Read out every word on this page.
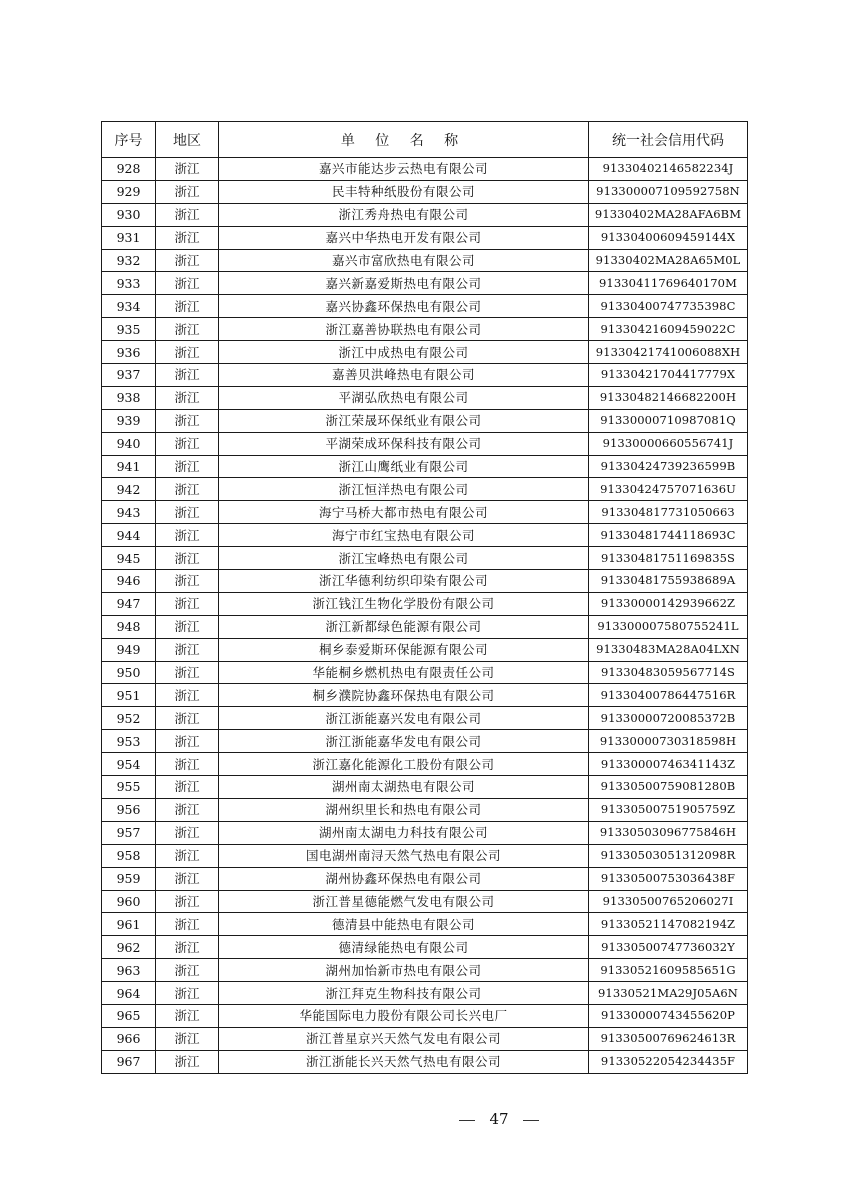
序号	地区	单 位 名 称	统一社会信用代码
928	浙江	嘉兴市能达步云热电有限公司	91330402146582234J
929	浙江	民丰特种纸股份有限公司	913300007109592758N
930	浙江	浙江秀舟热电有限公司	91330402MA28AFA6BM
931	浙江	嘉兴中华热电开发有限公司	91330400609459144X
932	浙江	嘉兴市富欣热电有限公司	91330402MA28A65M0L
933	浙江	嘉兴新嘉爱斯热电有限公司	91330411769640170M
934	浙江	嘉兴协鑫环保热电有限公司	91330400747735398C
935	浙江	浙江嘉善协联热电有限公司	91330421609459022C
936	浙江	浙江中成热电有限公司	91330421741006088XH
937	浙江	嘉善贝洪峰热电有限公司	91330421704417779X
938	浙江	平湖弘欣热电有限公司	91330482146682200H
939	浙江	浙江荣晟环保纸业有限公司	91330000710987081Q
940	浙江	平湖荣成环保科技有限公司	91330000660556741J
941	浙江	浙江山鹰纸业有限公司	91330424739236599B
942	浙江	浙江恒洋热电有限公司	91330424757071636U
943	浙江	海宁马桥大都市热电有限公司	91330481773105066З
944	浙江	海宁市红宝热电有限公司	91330481744118693C
945	浙江	浙江宝峰热电有限公司	91330481751169835S
946	浙江	浙江华德利纺织印染有限公司	91330481755938689A
947	浙江	浙江钱江生物化学股份有限公司	91330000142939662Z
948	浙江	浙江新都绿色能源有限公司	913300007580755241L
949	浙江	桐乡泰爱斯环保能源有限公司	91330483MA28A04LXN
950	浙江	华能桐乡燃机热电有限责任公司	91330483059567714S
951	浙江	桐乡濮院协鑫环保热电有限公司	91330400786447516R
952	浙江	浙江浙能嘉兴发电有限公司	91330000720085372B
953	浙江	浙江浙能嘉华发电有限公司	91330000730318598H
954	浙江	浙江嘉化能源化工股份有限公司	91330000746341143Z
955	浙江	湖州南太湖热电有限公司	91330500759081280B
956	浙江	湖州织里长和热电有限公司	91330500751905759Z
957	浙江	湖州南太湖电力科技有限公司	91330503096775846H
958	浙江	国电湖州南浔天然气热电有限公司	91330503051312098R
959	浙江	湖州协鑫环保热电有限公司	91330500753036438F
960	浙江	浙江普星德能燃气发电有限公司	91330500765206027I
961	浙江	德清县中能热电有限公司	91330521147082194Z
962	浙江	德清绿能热电有限公司	91330500747736032Y
963	浙江	湖州加怡新市热电有限公司	91330521609585651G
964	浙江	浙江拜克生物科技有限公司	91330521MA29J05A6N
965	浙江	华能国际电力股份有限公司长兴电厂	91330000743455620P
966	浙江	浙江普星京兴天然气发电有限公司	91330500769624613R
967	浙江	浙江浙能长兴天然气热电有限公司	91330522054234435F
47
